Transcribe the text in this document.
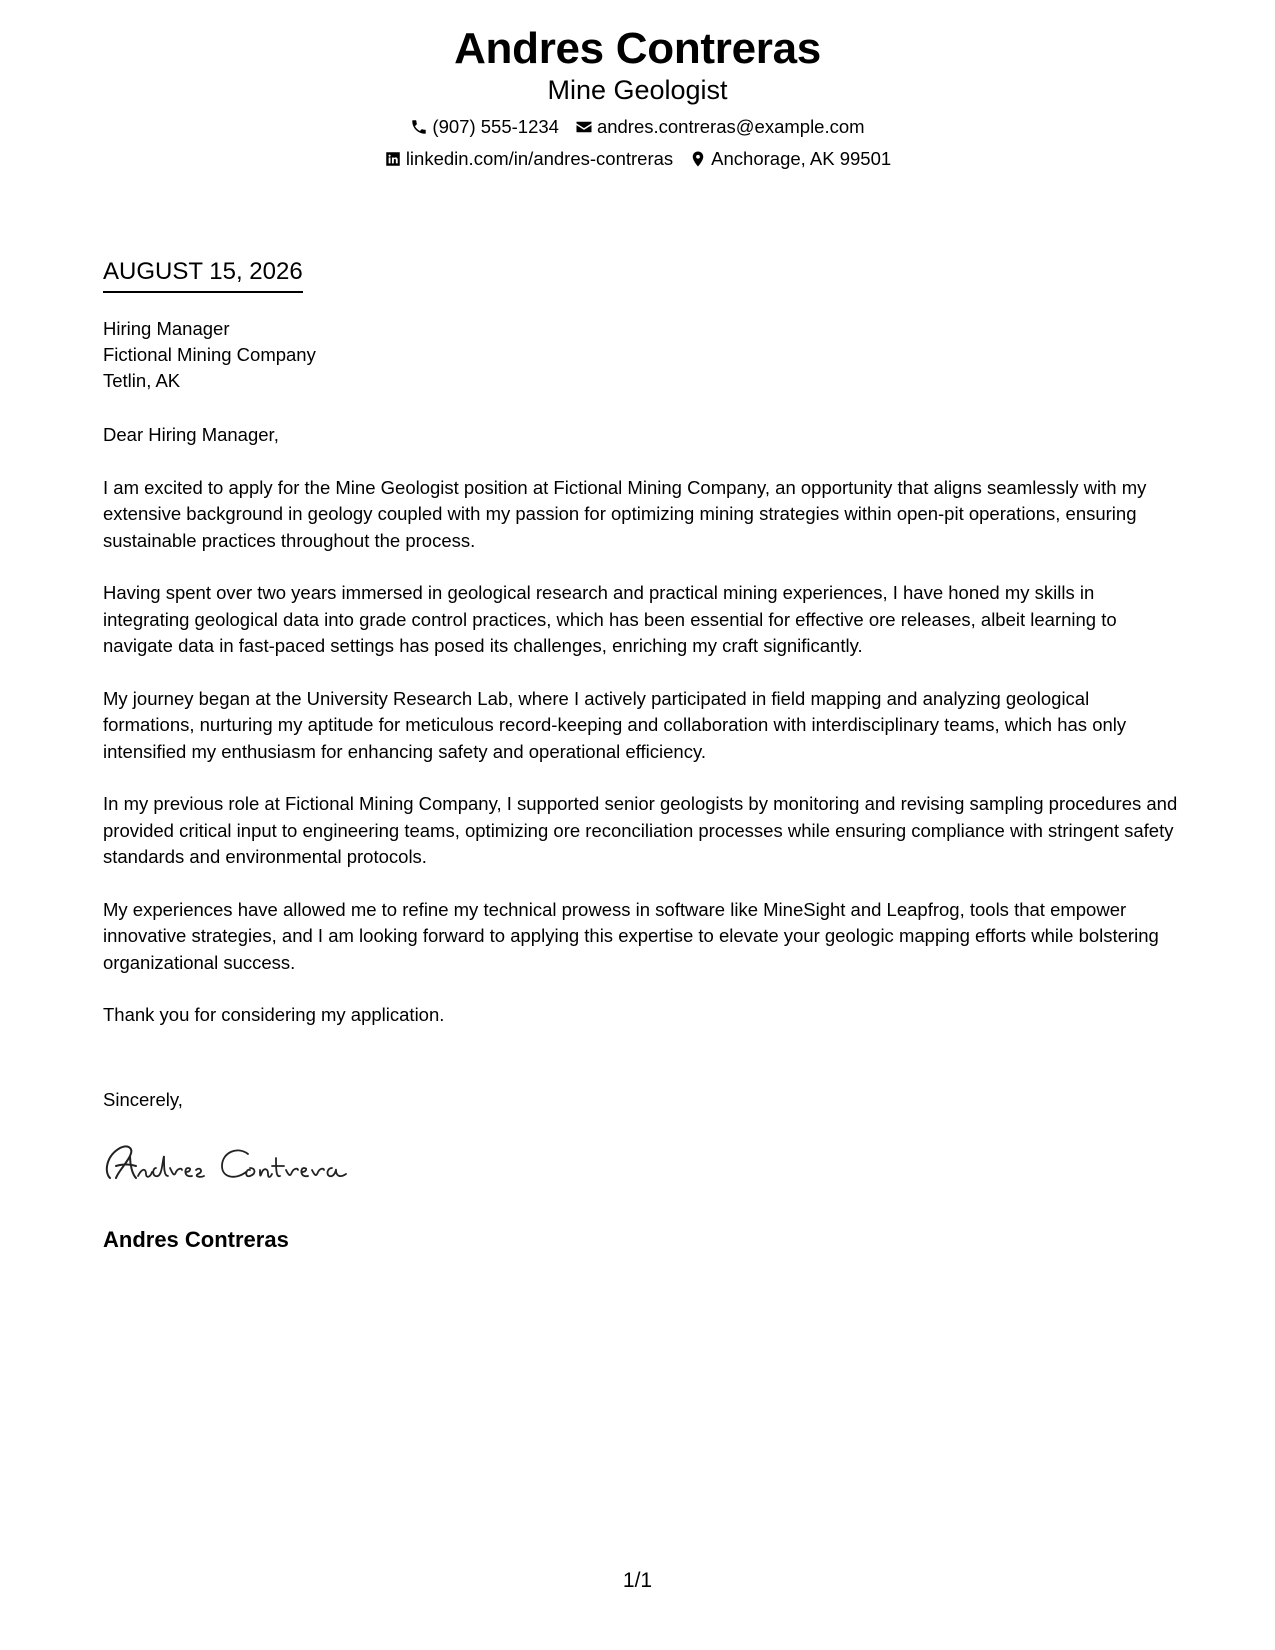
Andres Contreras
Mine Geologist
(907) 555-1234 andres.contreras@example.com
linkedin.com/in/andres-contreras Anchorage, AK 99501
AUGUST 15, 2026
Hiring Manager
Fictional Mining Company
Tetlin, AK

Dear Hiring Manager,

I am excited to apply for the Mine Geologist position at Fictional Mining Company, an opportunity that aligns seamlessly with my extensive background in geology coupled with my passion for optimizing mining strategies within open-pit operations, ensuring sustainable practices throughout the process.

Having spent over two years immersed in geological research and practical mining experiences, I have honed my skills in integrating geological data into grade control practices, which has been essential for effective ore releases, albeit learning to navigate data in fast-paced settings has posed its challenges, enriching my craft significantly.

My journey began at the University Research Lab, where I actively participated in field mapping and analyzing geological formations, nurturing my aptitude for meticulous record-keeping and collaboration with interdisciplinary teams, which has only intensified my enthusiasm for enhancing safety and operational efficiency.

In my previous role at Fictional Mining Company, I supported senior geologists by monitoring and revising sampling procedures and provided critical input to engineering teams, optimizing ore reconciliation processes while ensuring compliance with stringent safety standards and environmental protocols.

My experiences have allowed me to refine my technical prowess in software like MineSight and Leapfrog, tools that empower innovative strategies, and I am looking forward to applying this expertise to elevate your geologic mapping efforts while bolstering organizational success.

Thank you for considering my application.

Sincerely,
Andres Contreras
1/1
